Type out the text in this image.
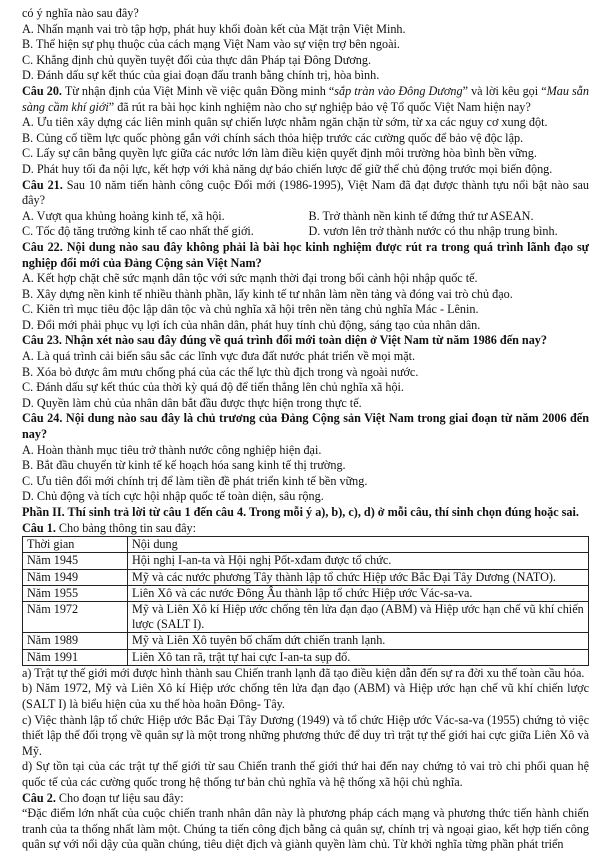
có ý nghĩa nào sau đây?

A. Nhấn mạnh vai trò tập hợp, phát huy khối đoàn kết của Mặt trận Việt Minh.

B. Thể hiện sự phụ thuộc của cách mạng Việt Nam vào sự viện trợ bên ngoài.

C. Khẳng định chủ quyền tuyệt đối của thực dân Pháp tại Đông Dương.

D. Đánh dấu sự kết thúc của giai đoạn đấu tranh bằng chính trị, hòa bình.

Câu 20. Từ nhận định của Việt Minh về việc quân Đồng minh “sắp tràn vào Đông Dương” và lời kêu gọi “Mau sẵn sàng cầm khí giới” đã rút ra bài học kinh nghiệm nào cho sự nghiệp bảo vệ Tổ quốc Việt Nam hiện nay?

A. Ưu tiên xây dựng các liên minh quân sự chiến lược nhằm ngăn chặn từ sớm, từ xa các nguy cơ xung đột.

B. Củng cố tiềm lực quốc phòng gắn với chính sách thỏa hiệp trước các cường quốc để bảo vệ độc lập.

C. Lấy sự cân bằng quyền lực giữa các nước lớn làm điều kiện quyết định môi trường hòa bình bền vững.

D. Phát huy tối đa nội lực, kết hợp với khả năng dự báo chiến lược để giữ thế chủ động trước mọi biến động.

Câu 21. Sau 10 năm tiến hành công cuộc Đổi mới (1986-1995), Việt Nam đã đạt được thành tựu nổi bật nào sau đây?

A. Vượt qua khủng hoảng kinh tế, xã hội.	B. Trở thành nền kinh tế đứng thứ tư ASEAN.
C. Tốc độ tăng trưởng kinh tế cao nhất thế giới.	D. vươn lên trở thành nước có thu nhập trung bình.

Câu 22. Nội dung nào sau đây không phải là bài học kinh nghiệm được rút ra trong quá trình lãnh đạo sự nghiệp đổi mới của Đảng Cộng sản Việt Nam?

A. Kết hợp chặt chẽ sức mạnh dân tộc với sức mạnh thời đại trong bối cảnh hội nhập quốc tế.

B. Xây dựng nền kinh tế nhiều thành phần, lấy kinh tế tư nhân làm nền tảng và đóng vai trò chủ đạo.

C. Kiên trì mục tiêu độc lập dân tộc và chủ nghĩa xã hội trên nền tảng chủ nghĩa Mác - Lênin.

D. Đổi mới phải phục vụ lợi ích của nhân dân, phát huy tính chủ động, sáng tạo của nhân dân.

Câu 23. Nhận xét nào sau đây đúng về quá trình đổi mới toàn diện ở Việt Nam từ năm 1986 đến nay?

A. Là quá trình cải biến sâu sắc các lĩnh vực đưa đất nước phát triển về mọi mặt.

B. Xóa bỏ được âm mưu chống phá của các thế lực thù địch trong và ngoài nước.

C. Đánh dấu sự kết thúc của thời kỳ quá độ để tiến thẳng lên chủ nghĩa xã hội.

D. Quyền làm chủ của nhân dân bắt đầu được thực hiện trong thực tế.

Câu 24. Nội dung nào sau đây là chủ trương của Đảng Cộng sản Việt Nam trong giai đoạn từ năm 2006 đến nay?

A. Hoàn thành mục tiêu trở thành nước công nghiệp hiện đại.

B. Bắt đầu chuyển từ kinh tế kế hoạch hóa sang kinh tế thị trường.

C. Ưu tiên đổi mới chính trị để làm tiền đề phát triển kinh tế bền vững.

D. Chủ động và tích cực hội nhập quốc tế toàn diện, sâu rộng.

Phần II. Thí sinh trả lời từ câu 1 đến câu 4. Trong mỗi ý a), b), c), d) ở mỗi câu, thí sinh chọn đúng hoặc sai.

Câu 1. Cho bảng thông tin sau đây:

Thời gian	Nội dung
Năm 1945	Hội nghị I-an-ta và Hội nghị Pốt-xđam được tổ chức.
Năm 1949	Mỹ và các nước phương Tây thành lập tổ chức Hiệp ước Bắc Đại Tây Dương (NATO).
Năm 1955	Liên Xô và các nước Đông Âu thành lập tổ chức Hiệp ước Vác-sa-va.
Năm 1972	Mỹ và Liên Xô kí Hiệp ước chống tên lửa đạn đạo (ABM) và Hiệp ước hạn chế vũ khí chiến lược (SALT I).
Năm 1989	Mỹ và Liên Xô tuyên bố chấm dứt chiến tranh lạnh.
Năm 1991	Liên Xô tan rã, trật tự hai cực I-an-ta sụp đổ.

a) Trật tự thế giới mới được hình thành sau Chiến tranh lạnh đã tạo điều kiện dẫn đến sự ra đời xu thế toàn cầu hóa.

b) Năm 1972, Mỹ và Liên Xô kí Hiệp ước chống tên lửa đạn đạo (ABM) và Hiệp ước hạn chế vũ khí chiến lược (SALT I) là biểu hiện của xu thế hòa hoãn Đông- Tây.

c) Việc thành lập tổ chức Hiệp ước Bắc Đại Tây Dương (1949) và tổ chức Hiệp ước Vác-sa-va (1955) chứng tỏ việc thiết lập thế đối trọng về quân sự là một trong những phương thức để duy trì trật tự thế giới hai cực giữa Liên Xô và Mỹ.

d) Sự tồn tại của các trật tự thế giới từ sau Chiến tranh thế giới thứ hai đến nay chứng tỏ vai trò chi phối quan hệ quốc tế của các cường quốc trong hệ thống tư bản chủ nghĩa và hệ thống xã hội chủ nghĩa.

Câu 2. Cho đoạn tư liệu sau đây:

“Đặc điểm lớn nhất của cuộc chiến tranh nhân dân này là phương pháp cách mạng và phương thức tiến hành chiến tranh của ta thống nhất làm một. Chúng ta tiến công địch bằng cả quân sự, chính trị và ngoại giao, kết hợp tiến công quân sự với nổi dậy của quần chúng, tiêu diệt địch và giành quyền làm chủ. Từ khởi nghĩa từng phần phát triển
